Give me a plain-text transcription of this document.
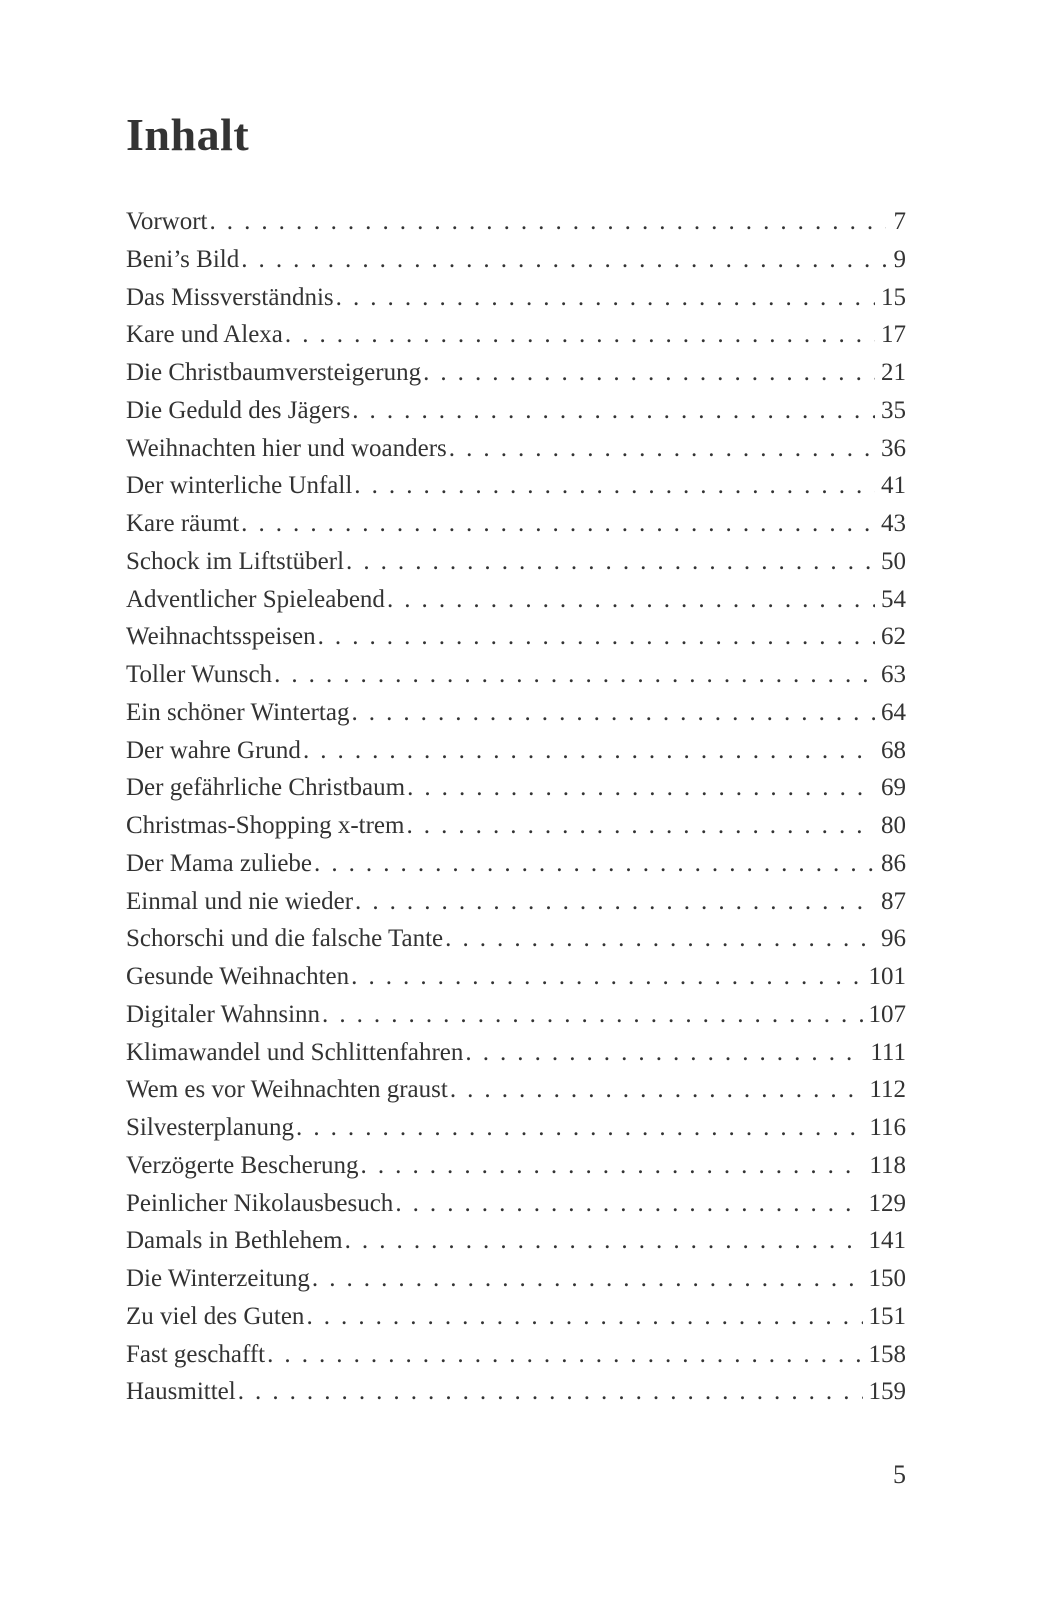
Inhalt
Vorwort . . .	7
Beni’s Bild . . .	9
Das Missverständnis . . .	15
Kare und Alexa . . .	17
Die Christbaumversteigerung . . .	21
Die Geduld des Jägers . . .	35
Weihnachten hier und woanders . . .	36
Der winterliche Unfall . . .	41
Kare räumt . . .	43
Schock im Liftstüberl . . .	50
Adventlicher Spieleabend . . .	54
Weihnachtsspeisen . . .	62
Toller Wunsch . . .	63
Ein schöner Wintertag . . .	64
Der wahre Grund . . .	68
Der gefährliche Christbaum . . .	69
Christmas-Shopping x-trem . . .	80
Der Mama zuliebe . . .	86
Einmal und nie wieder . . .	87
Schorschi und die falsche Tante . . .	96
Gesunde Weihnachten . . .	101
Digitaler Wahnsinn . . .	107
Klimawandel und Schlittenfahren . . .	111
Wem es vor Weihnachten graust . . .	112
Silvesterplanung . . .	116
Verzögerte Bescherung . . .	118
Peinlicher Nikolausbesuch . . .	129
Damals in Bethlehem . . .	141
Die Winterzeitung . . .	150
Zu viel des Guten . . .	151
Fast geschafft . . .	158
Hausmittel . . .	159
5
